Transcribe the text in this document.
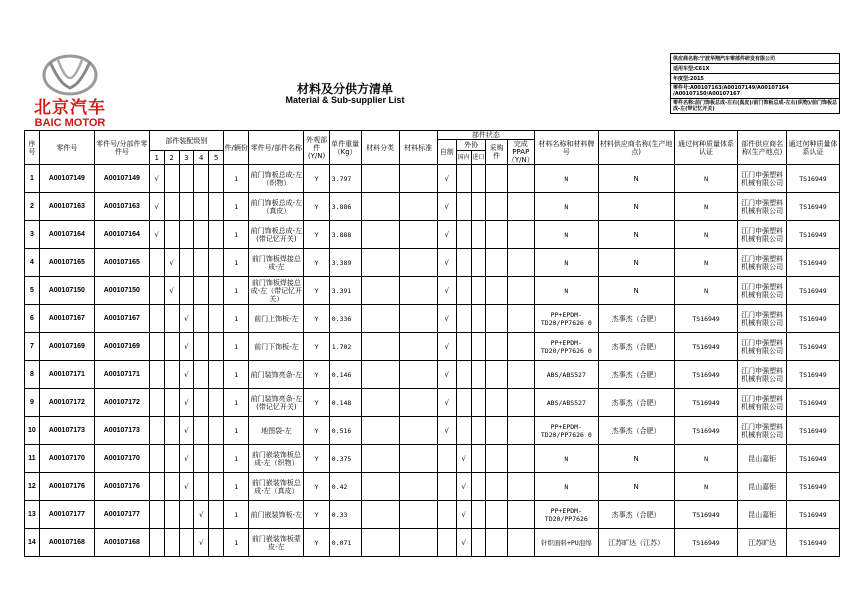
北京汽车
BAIC MOTOR
材料及分供方清单
Material & Sub-supplier List
供应商名称:宁波华翔汽车零部件研发有限公司
适用车型:C61X
年度型:2015
零件号:A00107163/A00107149/A00107164 /A00107150/A00107167
零件名称:前门饰板总成-左右(真皮)/前门饰板总成-左右(织物)/前门饰板总成-左(带记忆开关)
序号	零件号	零件号/分部件零件号	部件装配级别					件/辆份	零件号/部件名称	外观部件 (Y/N)	单件重量（Kg）	材料分类	材料标准	部件状态					材料名称和材料牌号	材料供应商名称(生产地点)	通过何种质量体系认证	部件供应商名称(生产地点)	通过何种质量体系认证
														自制	外协		采购件	完成PPAP （Y/N）					
			1	2	3	4	5								国内	进口							
1	A00107149	A00107149	√					1	前门饰板总成-左（织物）	Y	3.797			√					N	N	N	江门申强塑料机械有限公司	TS16949
2	A00107163	A00107163	√					1	前门饰板总成-左（真皮）	Y	3.886			√					N	N	N	江门申强塑料机械有限公司	TS16949
3	A00107164	A00107164	√					1	前门饰板总成-左(带记忆开关)	Y	3.888			√					N	N	N	江门申强塑料机械有限公司	TS16949
4	A00107165	A00107165		√				1	前门饰板焊接总成-左	Y	3.389			√					N	N	N	江门申强塑料机械有限公司	TS16949
5	A00107150	A00107150		√				1	前门饰板焊接总成-左（带记忆开关）	Y	3.391			√					N	N	N	江门申强塑料机械有限公司	TS16949
6	A00107167	A00107167			√			1	前门上饰板-左	Y	0.336			√					PP+EPDM-TD20/PP7626 0	杰事杰（合肥）	TS16949	江门申强塑料机械有限公司	TS16949
7	A00107169	A00107169			√			1	前门下饰板-左	Y	1.702			√					PP+EPDM-TD20/PP7626 0	杰事杰（合肥）	TS16949	江门申强塑料机械有限公司	TS16949
8	A00107171	A00107171			√			1	前门装饰亮条-左	Y	0.146			√					ABS/ABS527	杰事杰（合肥）	TS16949	江门申强塑料机械有限公司	TS16949
9	A00107172	A00107172			√			1	前门装饰亮条-左(带记忆开关)	Y	0.148			√					ABS/ABS527	杰事杰（合肥）	TS16949	江门申强塑料机械有限公司	TS16949
10	A00107173	A00107173			√			1	地图袋-左	Y	0.516			√					PP+EPDM-TD20/PP7626 0	杰事杰（合肥）	TS16949	江门申强塑料机械有限公司	TS16949
11	A00107170	A00107170			√			1	前门嵌装饰板总成-左（织物）	Y	0.375				√				N	N	N	昆山嘉钜	TS16949
12	A00107176	A00107176			√			1	前门嵌装饰板总成-左（真皮）	Y	0.42				√				N	N	N	昆山嘉钜	TS16949
13	A00107177	A00107177				√		1	前门嵌装饰板-左	Y	0.33				√				PP+EPDM-TD20/PP7626	杰事杰（合肥）	TS16949	昆山嘉钜	TS16949
14	A00107168	A00107168				√		1	前门嵌装饰板蒙皮-左	Y	0.071				√				针织面料+PU泡绵	江苏旷达（江苏）	TS16949	江苏旷达	TS16949
